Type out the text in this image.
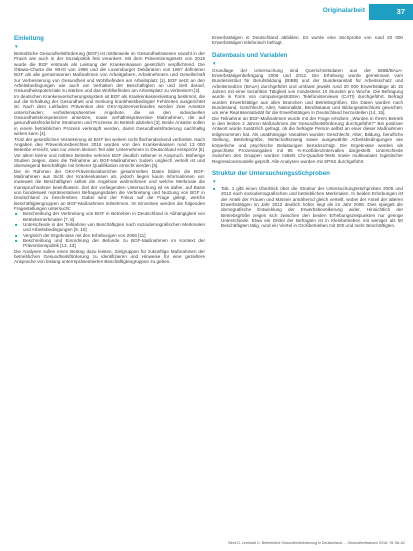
Originalarbeit	37
Einleitung
▼

Betriebliche Gesundheitsförderung (BGF) ist mittlerweile im Gesundheitswesen sowohl in der Praxis wie auch in der Sozialpolitik fest verankert. Mit dem Präventionsgesetz von 2015 wurde die BGF erstmals als Leistung der Krankenkassen gesetzlich verpflichtend. Die Ottawa-Charta der WHO von 1986 und die Luxemburger Deklaration von 1997 definieren BGF als alle gemeinsamen Maßnahmen von Arbeitgebern, Arbeitnehmern und Gesellschaft zur Verbesserung von Gesundheit und Wohlbefinden am Arbeitsplatz [1]. BGF setzt an den Arbeitsbedingungen wie auch am Verhalten der Beschäftigten an und zielt darauf, Gesundheitspotenziale zu stärken und das Wohlbefinden am Arbeitsplatz zu verbessern [2].

Im deutschen Krankenversicherungssystem ist BGF als Krankenkassenleistung bestimmt, die auf die Erhaltung der Gesundheit und Senkung krankheitsbedingter Fehlzeiten ausgerichtet ist. Nach dem Leitfaden Prävention des GKV-Spitzenverbandes werden zwei Ansätze unterschieden: verhaltenspräventive Angebote, die an den individuellen Gesundheitskompetenzen ansetzen, sowie verhältnispräventive Maßnahmen, die auf gesundheitsförderliche Strukturen und Prozesse im Betrieb abzielen [3]. Beide Ansätze sollen in einem betrieblichen Prozess verknüpft werden, damit Gesundheitsförderung nachhaltig wirken kann [4].

Trotz der gesetzlichen Verankerung ist BGF bei weitem nicht flächendeckend verbreitet. Nach Angaben des Präventionsberichtes 2016 wurden von den Krankenkassen rund 13 000 Betriebe erreicht, was nur einem kleinen Teil aller Unternehmen in Deutschland entspricht [5]. Vor allem kleine und mittlere Betriebe nehmen BGF deutlich seltener in Anspruch. Bisherige Studien zeigen, dass die Teilnahme an BGF-Maßnahmen zudem ungleich verteilt ist und überwiegend Beschäftigte mit höherer Qualifikation erreicht werden [6].

Die im Rahmen der GKV-Präventionsberichte gesammelten Daten bilden die BGF-Maßnahmen aus Sicht der Krankenkassen ab, jedoch liegen kaum Informationen vor, inwieweit die Beschäftigten selbst die Angebote wahrnehmen und welche Merkmale die Inanspruchnahme beeinflussen. Ziel der vorliegenden Untersuchung ist es daher, auf Basis von bundesweit repräsentativen Befragungsdaten die Verbreitung und Nutzung von BGF in Deutschland zu beschreiben. Dabei wird der Fokus auf die Frage gelegt, welche Beschäftigtengruppen an BGF-Maßnahmen teilnehmen. Im Einzelnen werden die folgenden Fragestellungen untersucht:

■ Beschreibung der Verbreitung von BGF in Betrieben in Deutschland in Abhängigkeit von Betriebsmerkmalen [7, 8]
■ Unterschiede in der Teilnahme von Beschäftigten nach soziodemografischen Merkmalen und Arbeitsbedingungen [9, 10]
■ Vergleich der Ergebnisse mit den Erhebungen von 2006 [11]
■ Beschreibung und Einordnung der Befunde zu BGF-Maßnahmen im Kontext der Präventionspolitik [12, 13]

Die Analysen sollen einen Beitrag dazu leisten, Zielgruppen für zukünftige Maßnahmen der betrieblichen Gesundheitsförderung zu identifizieren und Hinweise für eine gezieltere Ansprache von bislang unterrepräsentierten Beschäftigtengruppen zu geben.

Erwerbstätigen in Deutschland abbilden. Es wurde eine Stichprobe von rund 20 000 Erwerbstätigen telefonisch befragt.

Datenbasis und Variablen
▼

Grundlage der Untersuchung sind Querschnittsdaten aus der BIBB/BAuA-Erwerbstätigenbefragung 2006 und 2012. Die Erhebung wurde gemeinsam vom Bundesinstitut für Berufsbildung (BIBB) und der Bundesanstalt für Arbeitsschutz und Arbeitsmedizin (BAuA) durchgeführt und umfasst jeweils rund 20 000 Erwerbstätige ab 15 Jahren mit einer bezahlten Tätigkeit von mindestens 10 Stunden pro Woche. Die Befragung wurde in Form von computergestützten Telefoninterviews (CATI) durchgeführt. Befragt wurden Erwerbstätige aus allen Branchen und Betriebsgrößen. Die Daten wurden nach Bundesland, Geschlecht, Alter, Nationalität, Berufsstatus und Bildungsabschluss gewichtet, um eine Repräsentativität für die Erwerbstätigen in Deutschland herzustellen [14, 15].

Die Teilnahme an BGF-Maßnahmen wurde mit der Frage erhoben: „Wurden in Ihrem Betrieb in den letzten 2 Jahren Maßnahmen der Gesundheitsförderung durchgeführt?“ Bei positiver Antwort wurde zusätzlich gefragt, ob die befragte Person selbst an einer dieser Maßnahmen teilgenommen hat. Als unabhängige Variablen wurden Geschlecht, Alter, Bildung, berufliche Stellung, Betriebsgröße, Wirtschaftszweig sowie ausgewählte Arbeitsbedingungen wie körperliche und psychische Belastungen berücksichtigt. Die Ergebnisse werden als gewichtete Prozentangaben mit 95 %-Konfidenzintervallen dargestellt. Unterschiede zwischen den Gruppen wurden mittels Chi-Quadrat-Tests sowie multivariater logistischer Regressionsmodelle geprüft. Alle Analysen wurden mit SPSS durchgeführt.

Struktur der Untersuchungsstichproben
▼
■ Tab. 1 gibt einen Überblick über die Struktur der Untersuchungsstichproben 2006 und 2012 nach soziodemografischen und betrieblichen Merkmalen. In beiden Erhebungen ist der Anteil der Frauen und Männer annähernd gleich verteilt, wobei der Anteil der älteren Erwerbstätigen im Jahr 2012 deutlich höher liegt als im Jahr 2006. Dies spiegelt die demografische Entwicklung der Erwerbsbevölkerung wider. Hinsichtlich der Betriebsgröße zeigen sich zwischen den beiden Erhebungszeitpunkten nur geringe Unterschiede. Etwa ein Drittel der Befragten ist in Kleinbetrieben mit weniger als 50 Beschäftigten tätig, rund ein Viertel in Großbetrieben mit 500 und mehr Beschäftigten.
Beck D, Lenhardt U. Betriebliche Gesundheitsförderung in Deutschland … Gesundheitswesen 2016; 78: 56–62
